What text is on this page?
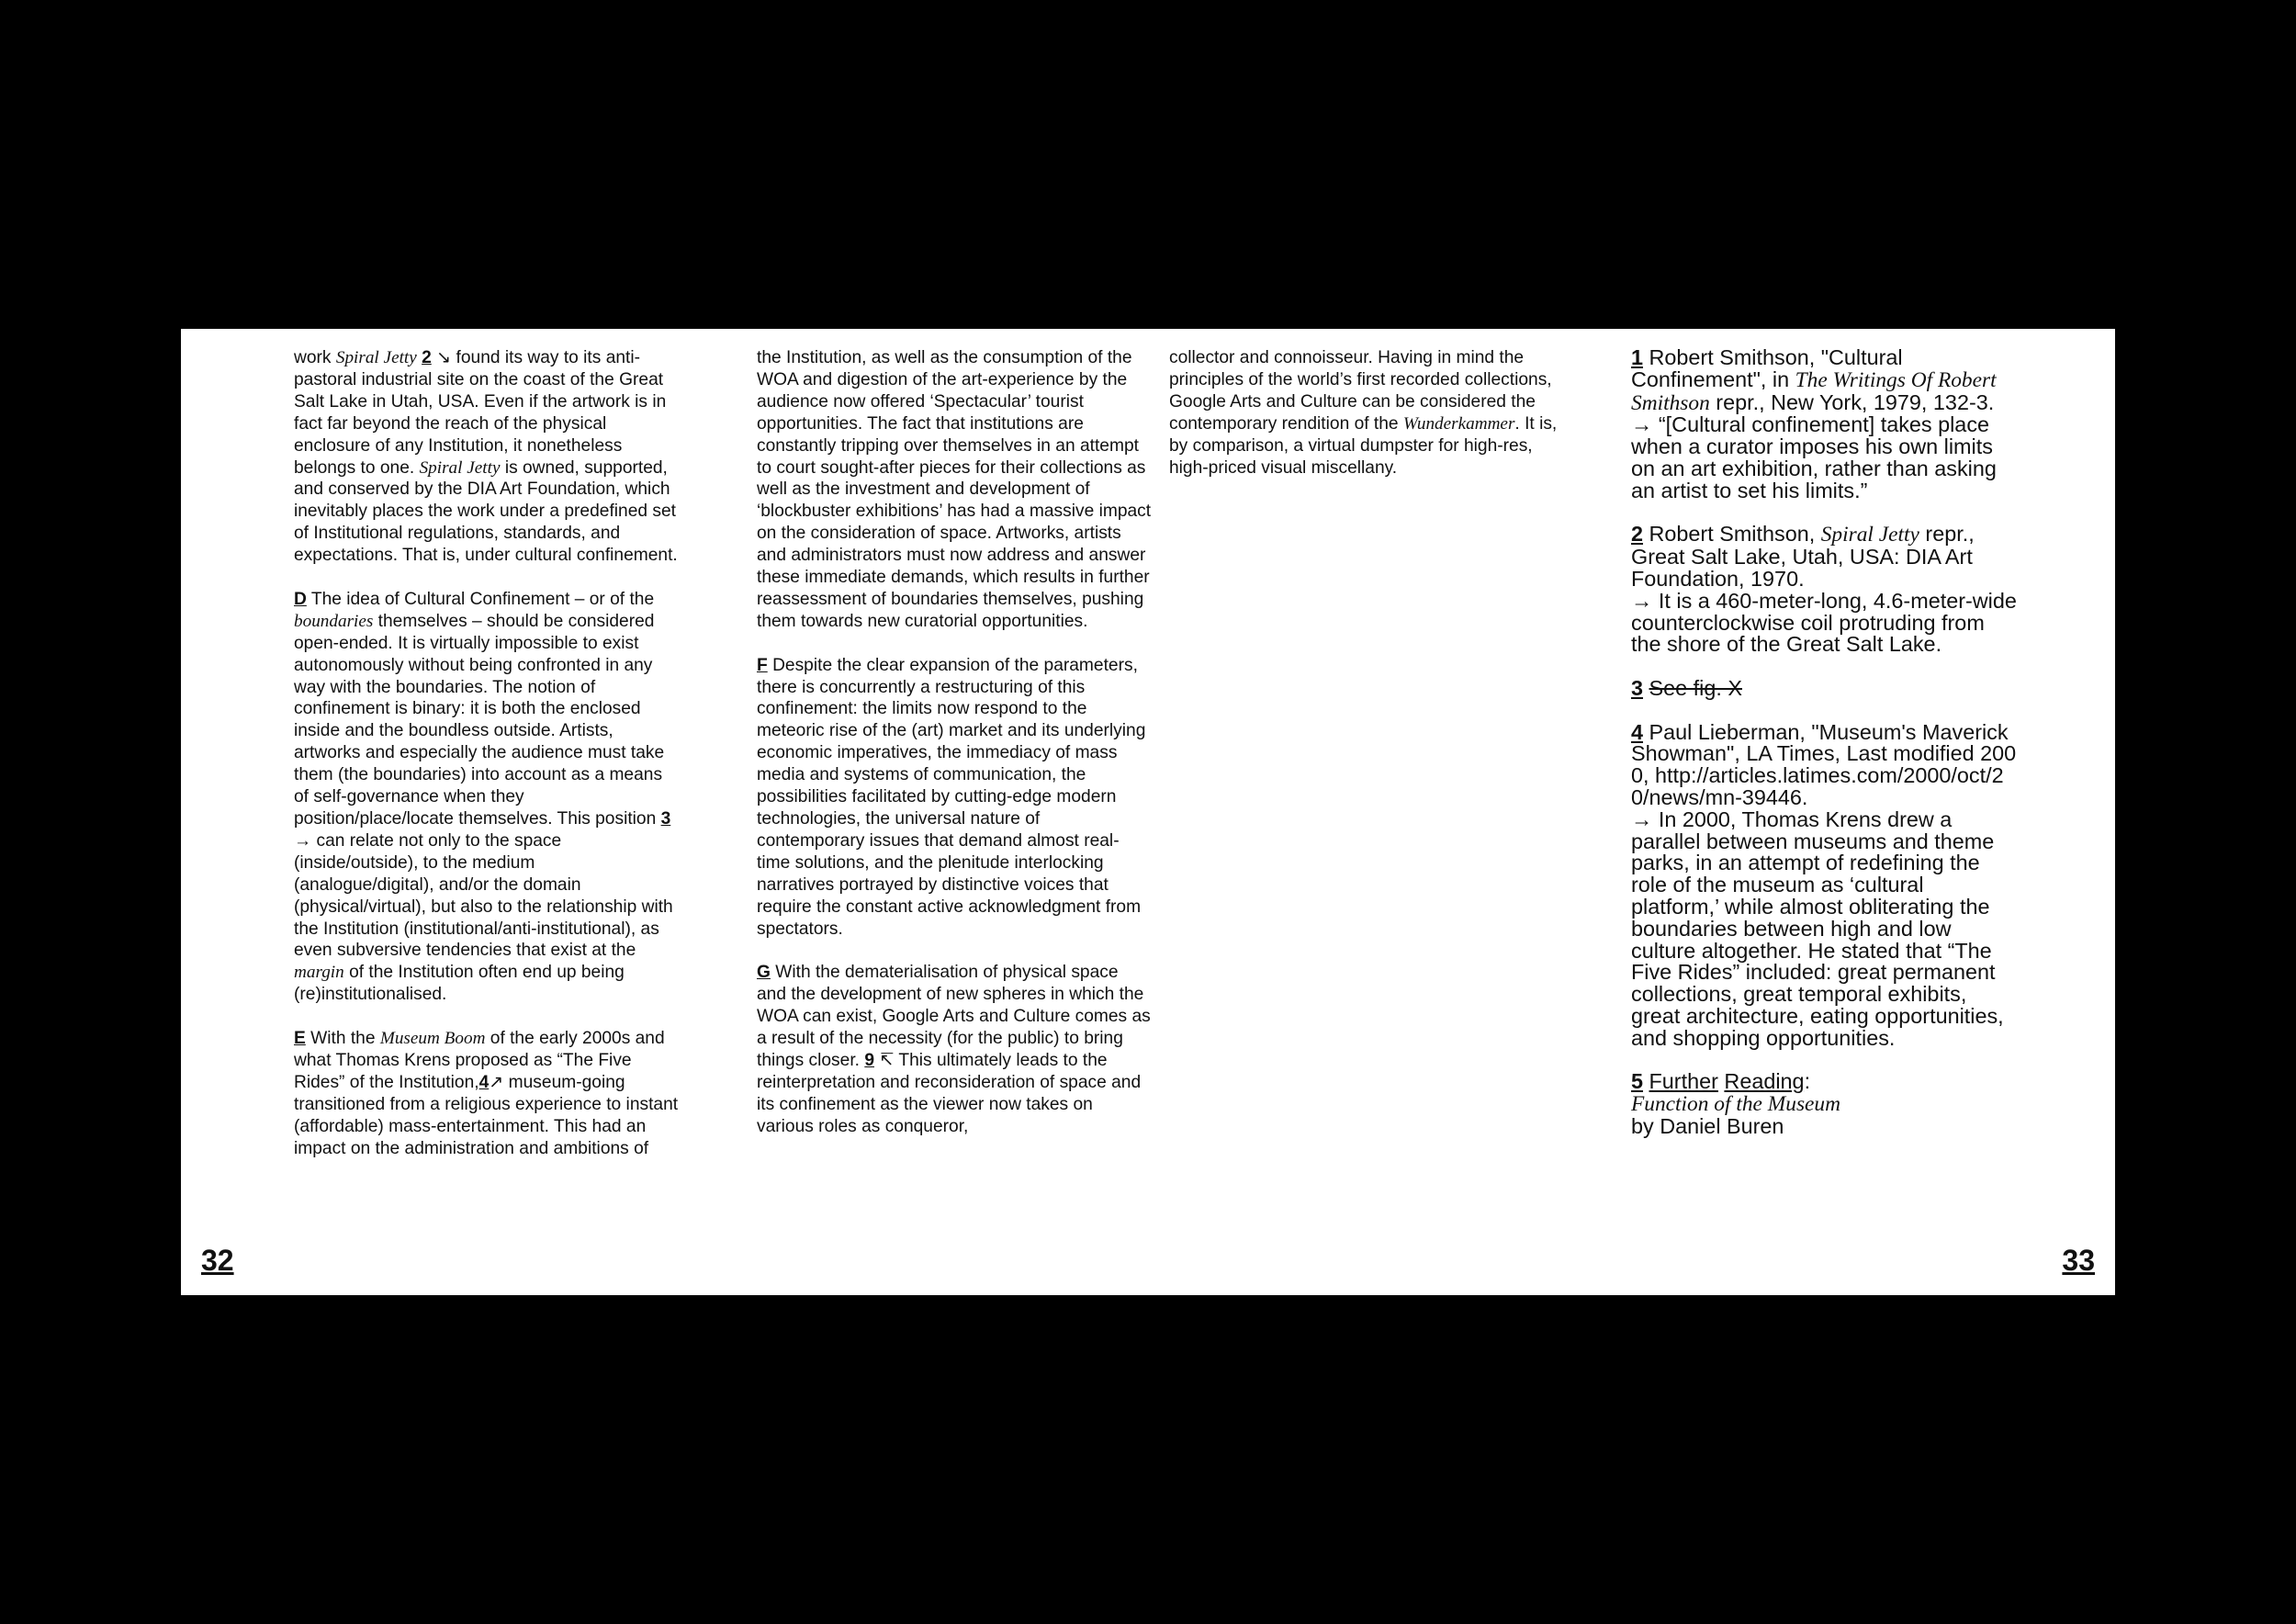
work Spiral Jetty 2 ↘ found its way to its anti-pastoral industrial site on the coast of the Great Salt Lake in Utah, USA. Even if the artwork is in fact far beyond the reach of the physical enclosure of any Institution, it nonetheless belongs to one. Spiral Jetty is owned, supported, and conserved by the DIA Art Foundation, which inevitably places the work under a predefined set of Institutional regulations, standards, and expectations. That is, under cultural confinement.

D The idea of Cultural Confinement – or of the boundaries themselves – should be considered open-ended. It is virtually impossible to exist autonomously without being confronted in any way with the boundaries. The notion of confinement is binary: it is both the enclosed inside and the boundless outside. Artists, artworks and especially the audience must take them (the boundaries) into account as a means of self-governance when they position/place/locate themselves. This position 3 → can relate not only to the space (inside/outside), to the medium (analogue/digital), and/or the domain (physical/virtual), but also to the relationship with the Institution (institutional/anti-institutional), as even subversive tendencies that exist at the margin of the Institution often end up being (re)institutionalised.

E With the Museum Boom of the early 2000s and what Thomas Krens proposed as “The Five Rides” of the Institution,4↗ museum-going transitioned from a religious experience to instant (affordable) mass-entertainment. This had an impact on the administration and ambitions of

the Institution, as well as the consumption of the WOA and digestion of the art-experience by the audience now offered ‘Spectacular’ tourist opportunities. The fact that institutions are constantly tripping over themselves in an attempt to court sought-after pieces for their collections as well as the investment and development of ‘blockbuster exhibitions’ has had a massive impact on the consideration of space. Artworks, artists and administrators must now address and answer these immediate demands, which results in further reassessment of boundaries themselves, pushing them towards new curatorial opportunities.

F Despite the clear expansion of the parameters, there is concurrently a restructuring of this confinement: the limits now respond to the meteoric rise of the (art) market and its underlying economic imperatives, the immediacy of mass media and systems of communication, the possibilities facilitated by cutting-edge modern technologies, the universal nature of contemporary issues that demand almost real-time solutions, and the plenitude interlocking narratives portrayed by distinctive voices that require the constant active acknowledgment from spectators.

G With the dematerialisation of physical space and the development of new spheres in which the WOA can exist, Google Arts and Culture comes as a result of the necessity (for the public) to bring things closer. 9 ↸ This ultimately leads to the reinterpretation and reconsideration of space and its confinement as the viewer now takes on various roles as conqueror,

collector and connoisseur. Having in mind the principles of the world’s first recorded collections, Google Arts and Culture can be considered the contemporary rendition of the Wunderkammer. It is, by comparison, a virtual dumpster for high-res, high-priced visual miscellany.

1 Robert Smithson, "Cultural Confinement", in The Writings Of Robert Smithson repr., New York, 1979, 132-3.
→ “[Cultural confinement] takes place when a curator imposes his own limits on an art exhibition, rather than asking an artist to set his limits.”
2 Robert Smithson, Spiral Jetty repr., Great Salt Lake, Utah, USA: DIA Art Foundation, 1970.
→ It is a 460-meter-long, 4.6-meter-wide counterclockwise coil protruding from the shore of the Great Salt Lake.
3 See fig. X
4 Paul Lieberman, "Museum's Maverick Showman", LA Times, Last modified 2000, http://articles.latimes.com/2000/oct/20/news/mn-39446.
→ In 2000, Thomas Krens drew a parallel between museums and theme parks, in an attempt of redefining the role of the museum as ‘cultural platform,’ while almost obliterating the boundaries between high and low culture altogether. He stated that “The Five Rides” included: great permanent collections, great temporal exhibits, great architecture, eating opportunities, and shopping opportunities.
5 Further Reading:
Function of the Museum
by Daniel Buren
32	33
